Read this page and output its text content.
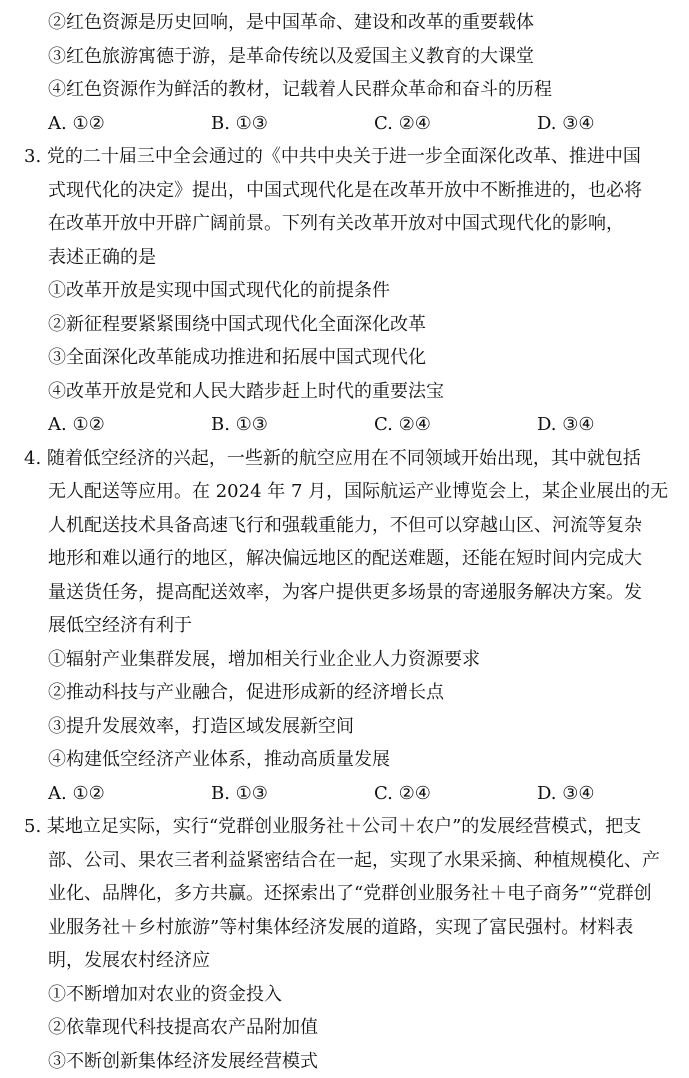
②红色资源是历史回响，是中国革命、建设和改革的重要载体
③红色旅游寓德于游，是革命传统以及爱国主义教育的大课堂
④红色资源作为鲜活的教材，记载着人民群众革命和奋斗的历程
A. ①②	B. ①③	C. ②④	D. ③④
3. 党的二十届三中全会通过的《中共中央关于进一步全面深化改革、推进中国
式现代化的决定》提出，中国式现代化是在改革开放中不断推进的，也必将
在改革开放中开辟广阔前景。下列有关改革开放对中国式现代化的影响，
表述正确的是
①改革开放是实现中国式现代化的前提条件
②新征程要紧紧围绕中国式现代化全面深化改革
③全面深化改革能成功推进和拓展中国式现代化
④改革开放是党和人民大踏步赶上时代的重要法宝
A. ①②	B. ①③	C. ②④	D. ③④
4. 随着低空经济的兴起，一些新的航空应用在不同领域开始出现，其中就包括
无人配送等应用。在 2024 年 7 月，国际航运产业博览会上，某企业展出的无
人机配送技术具备高速飞行和强载重能力，不但可以穿越山区、河流等复杂
地形和难以通行的地区，解决偏远地区的配送难题，还能在短时间内完成大
量送货任务，提高配送效率，为客户提供更多场景的寄递服务解决方案。发
展低空经济有利于
①辐射产业集群发展，增加相关行业企业人力资源要求
②推动科技与产业融合，促进形成新的经济增长点
③提升发展效率，打造区域发展新空间
④构建低空经济产业体系，推动高质量发展
A. ①②	B. ①③	C. ②④	D. ③④
5. 某地立足实际，实行“党群创业服务社＋公司＋农户”的发展经营模式，把支
部、公司、果农三者利益紧密结合在一起，实现了水果采摘、种植规模化、产
业化、品牌化，多方共赢。还探索出了“党群创业服务社＋电子商务”“党群创
业服务社＋乡村旅游”等村集体经济发展的道路，实现了富民强村。材料表
明，发展农村经济应
①不断增加对农业的资金投入
②依靠现代科技提高农产品附加值
③不断创新集体经济发展经营模式
